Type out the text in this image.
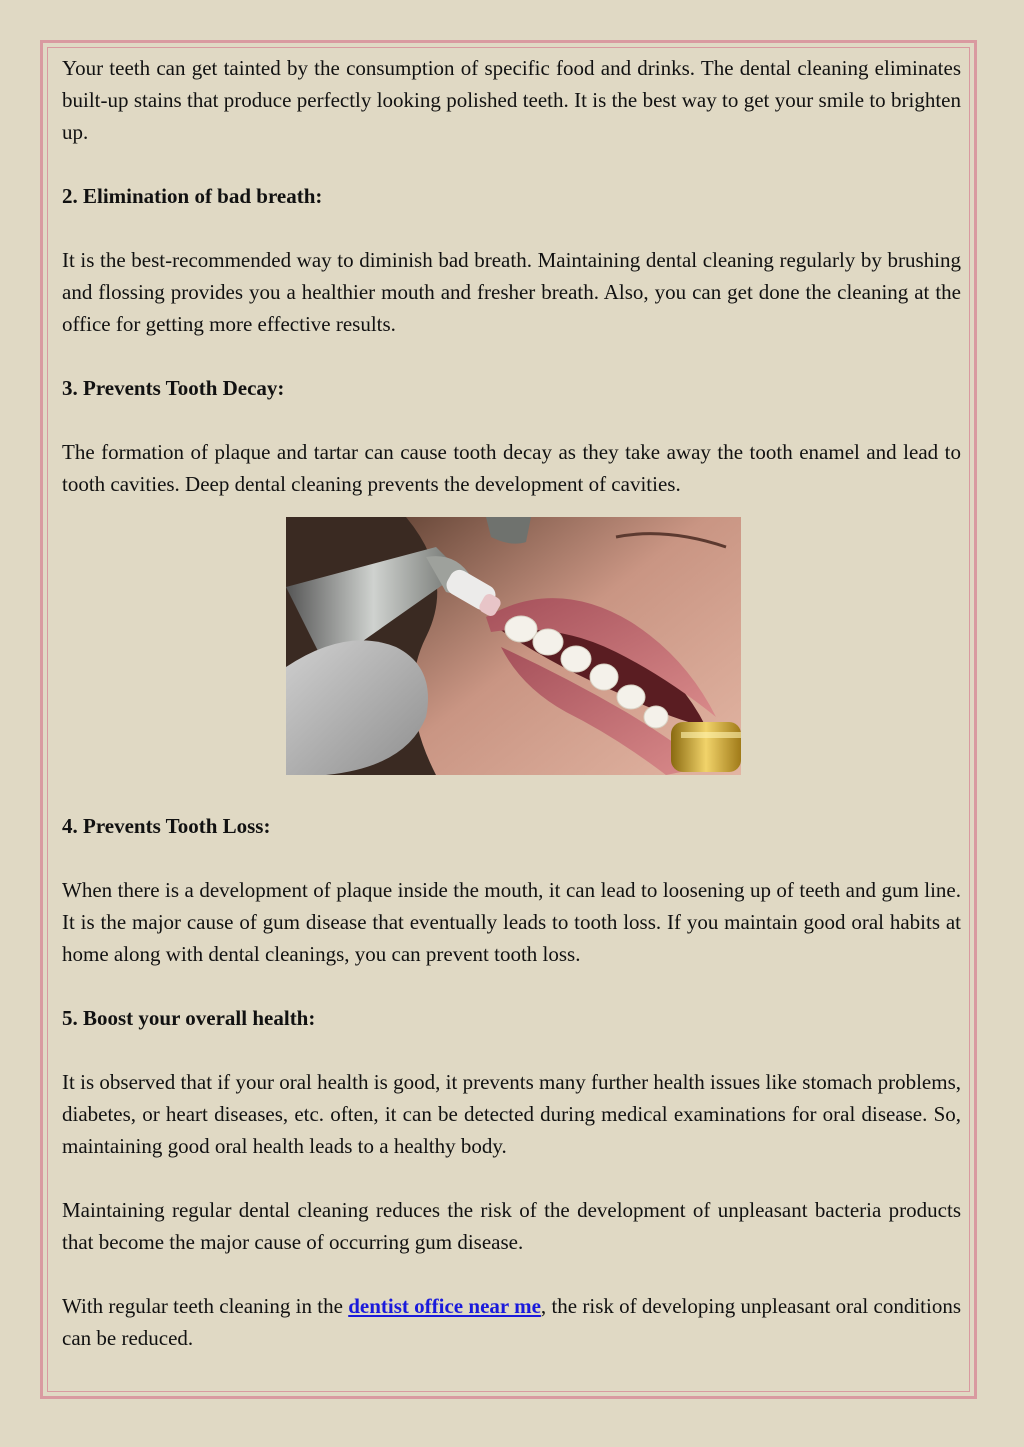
Your teeth can get tainted by the consumption of specific food and drinks. The dental cleaning eliminates built-up stains that produce perfectly looking polished teeth. It is the best way to get your smile to brighten up.

2. Elimination of bad breath:

It is the best-recommended way to diminish bad breath. Maintaining dental cleaning regularly by brushing and flossing provides you a healthier mouth and fresher breath. Also, you can get done the cleaning at the office for getting more effective results.

3. Prevents Tooth Decay:

The formation of plaque and tartar can cause tooth decay as they take away the tooth enamel and lead to tooth cavities. Deep dental cleaning prevents the development of cavities.

4. Prevents Tooth Loss:

When there is a development of plaque inside the mouth, it can lead to loosening up of teeth and gum line. It is the major cause of gum disease that eventually leads to tooth loss. If you maintain good oral habits at home along with dental cleanings, you can prevent tooth loss.

5. Boost your overall health:

It is observed that if your oral health is good, it prevents many further health issues like stomach problems, diabetes, or heart diseases, etc. often, it can be detected during medical examinations for oral disease. So, maintaining good oral health leads to a healthy body.

Maintaining regular dental cleaning reduces the risk of the development of unpleasant bacteria products that become the major cause of occurring gum disease.

With regular teeth cleaning in the dentist office near me, the risk of developing unpleasant oral conditions can be reduced.
